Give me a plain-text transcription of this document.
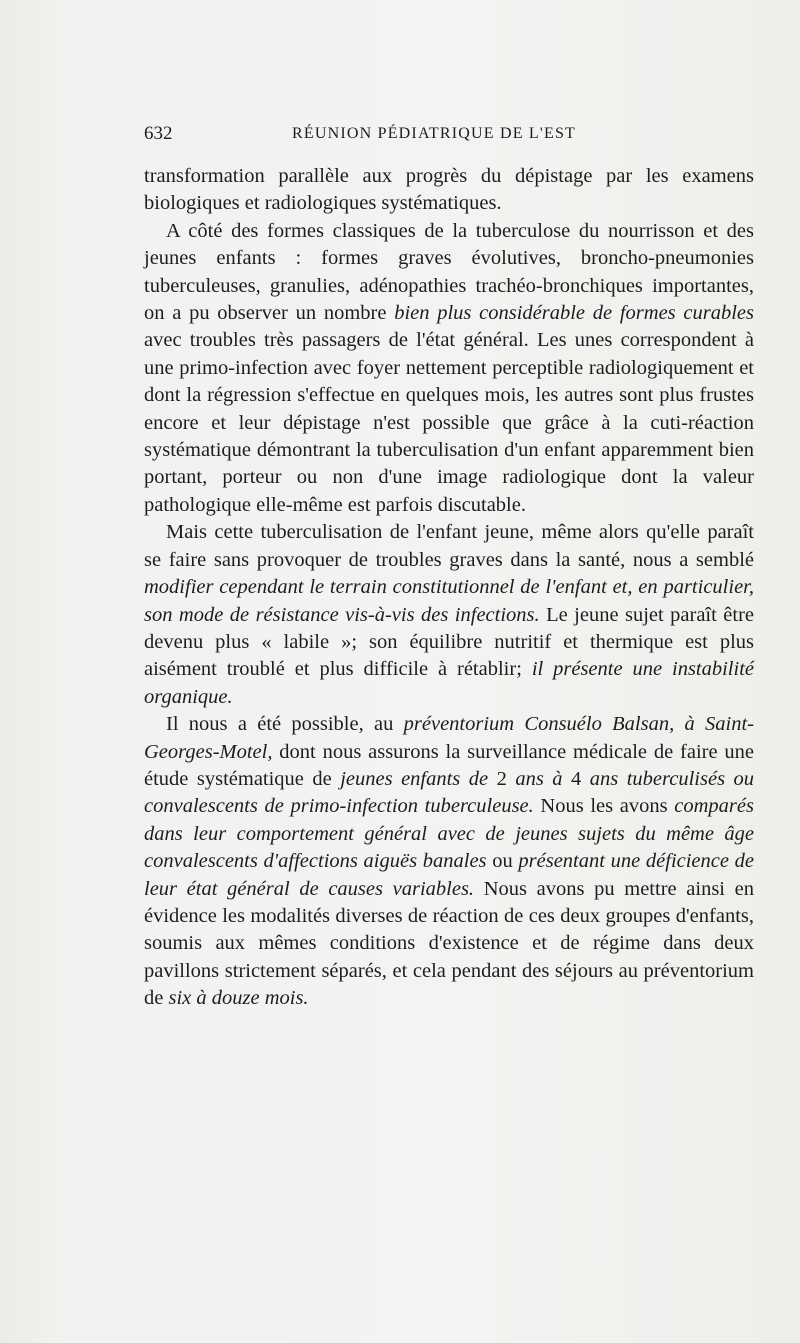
632	RÉUNION PÉDIATRIQUE DE L'EST

transformation parallèle aux progrès du dépistage par les examens biologiques et radiologiques systématiques.

A côté des formes classiques de la tuberculose du nourrisson et des jeunes enfants : formes graves évolutives, broncho-pneumonies tuberculeuses, granulies, adénopathies trachéo-bronchiques importantes, on a pu observer un nombre bien plus considérable de formes curables avec troubles très passagers de l'état général. Les unes correspondent à une primo-infection avec foyer nettement perceptible radiologiquement et dont la régression s'effectue en quelques mois, les autres sont plus frustes encore et leur dépistage n'est possible que grâce à la cuti-réaction systématique démontrant la tuberculisation d'un enfant apparemment bien portant, porteur ou non d'une image radiologique dont la valeur pathologique elle-même est parfois discutable.

Mais cette tuberculisation de l'enfant jeune, même alors qu'elle paraît se faire sans provoquer de troubles graves dans la santé, nous a semblé modifier cependant le terrain constitutionnel de l'enfant et, en particulier, son mode de résistance vis-à-vis des infections. Le jeune sujet paraît être devenu plus « labile »; son équilibre nutritif et thermique est plus aisément troublé et plus difficile à rétablir; il présente une instabilité organique.

Il nous a été possible, au préventorium Consuélo Balsan, à Saint-Georges-Motel, dont nous assurons la surveillance médicale de faire une étude systématique de jeunes enfants de 2 ans à 4 ans tuberculisés ou convalescents de primo-infection tuberculeuse. Nous les avons comparés dans leur comportement général avec de jeunes sujets du même âge convalescents d'affections aiguës banales ou présentant une déficience de leur état général de causes variables. Nous avons pu mettre ainsi en évidence les modalités diverses de réaction de ces deux groupes d'enfants, soumis aux mêmes conditions d'existence et de régime dans deux pavillons strictement séparés, et cela pendant des séjours au préventorium de six à douze mois.
